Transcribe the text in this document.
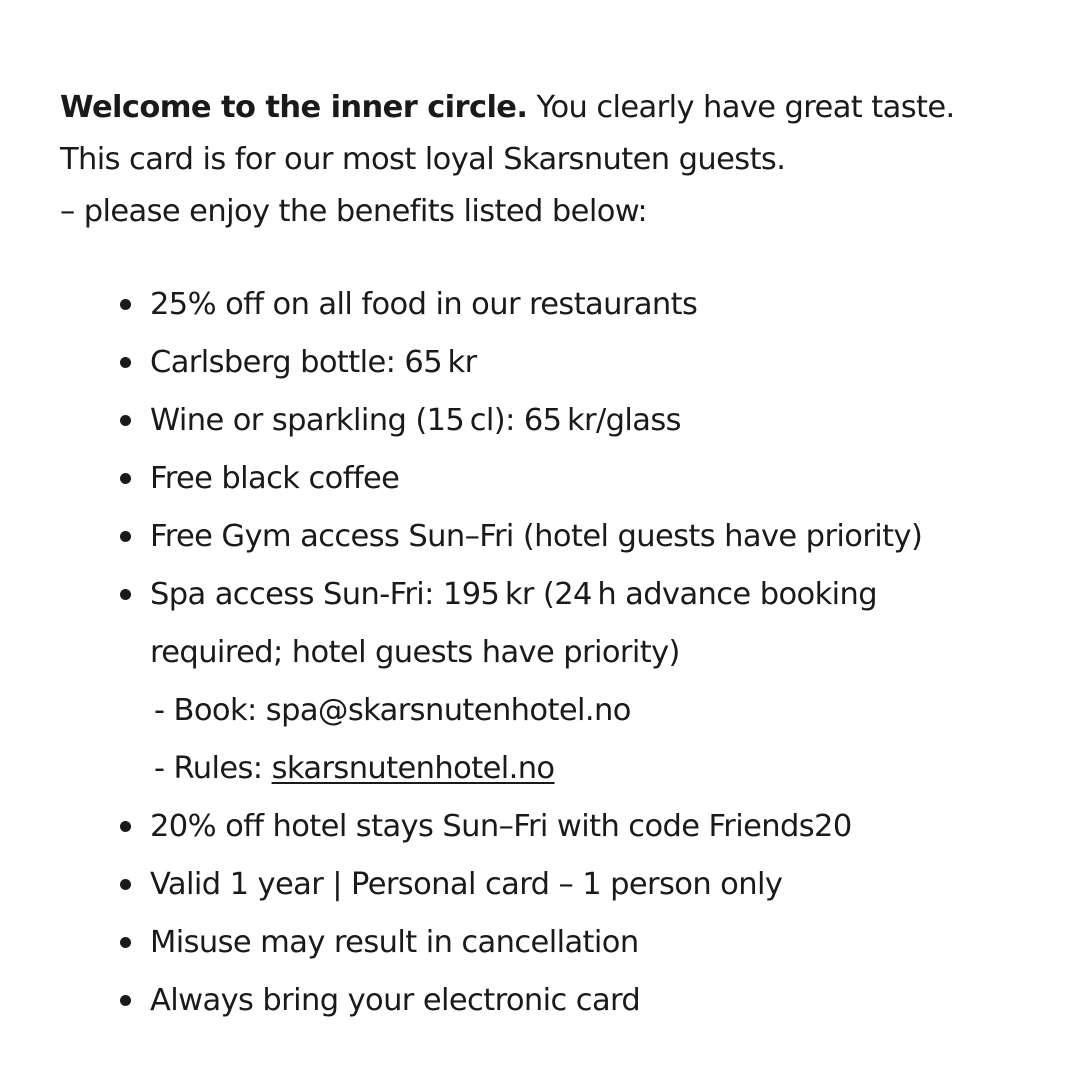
Welcome to the inner circle. You clearly have great taste.

This card is for our most loyal Skarsnuten guests.

– please enjoy the benefits listed below:

25% off on all food in our restaurants
Carlsberg bottle: 65 kr
Wine or sparkling (15 cl): 65 kr/glass
Free black coffee
Free Gym access Sun–Fri (hotel guests have priority)
Spa access Sun-Fri: 195 kr (24 h advance booking
required; hotel guests have priority)
- Book: spa@skarsnutenhotel.no
- Rules: skarsnutenhotel.no
20% off hotel stays Sun–Fri with code Friends20
Valid 1 year | Personal card – 1 person only
Misuse may result in cancellation
Always bring your electronic card
